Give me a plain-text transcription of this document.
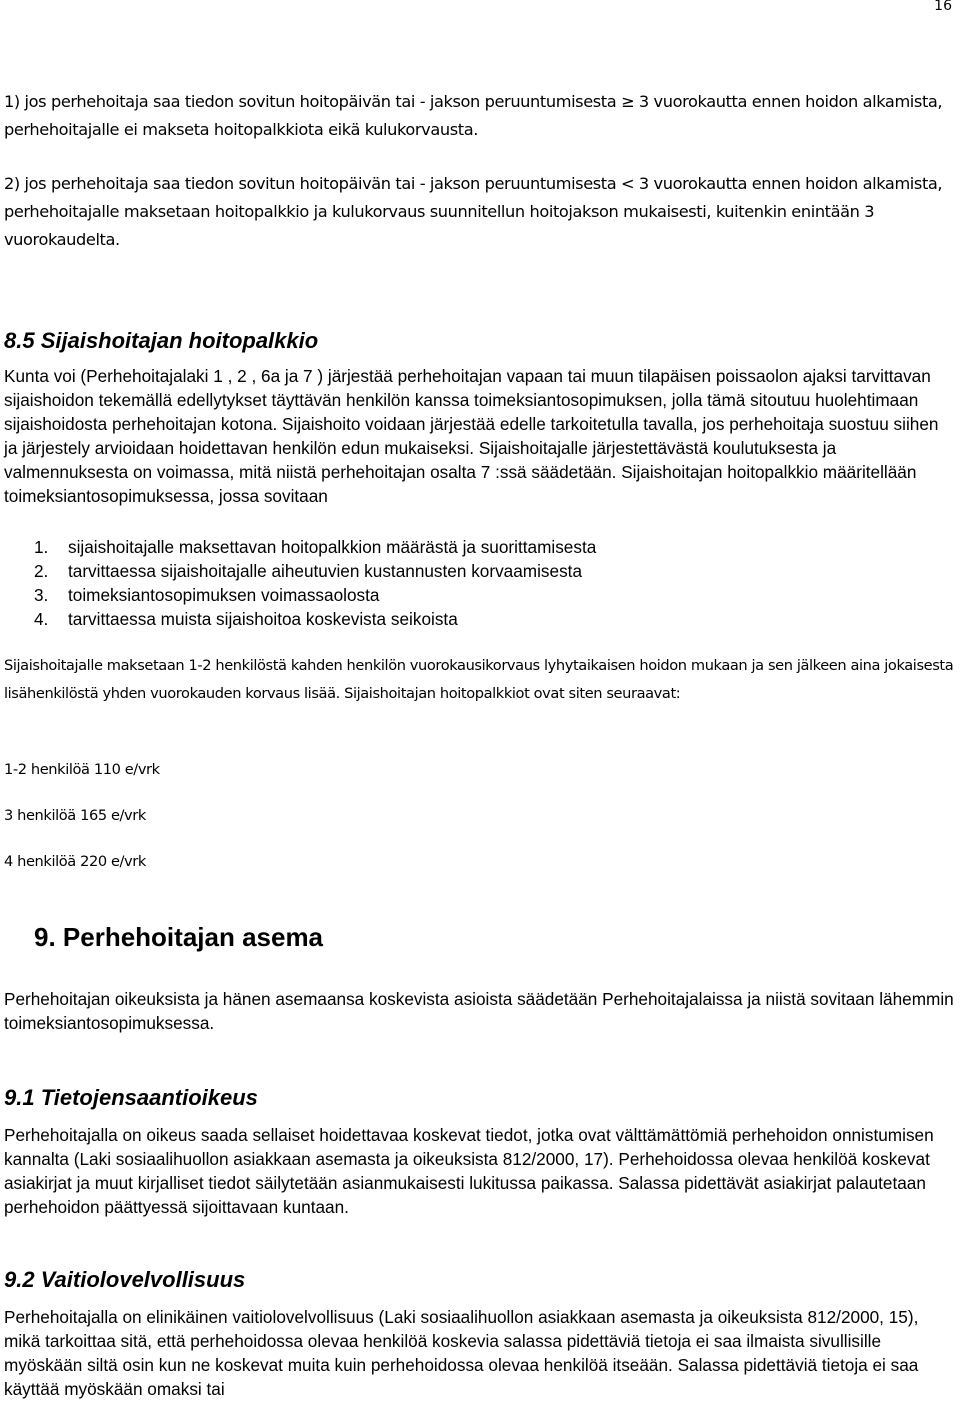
16
1) jos perhehoitaja saa tiedon sovitun hoitopäivän tai - jakson peruuntumisesta ≥ 3 vuorokautta ennen hoidon alkamista, perhehoitajalle ei makseta hoitopalkkiota eikä kulukorvausta.
2) jos perhehoitaja saa tiedon sovitun hoitopäivän tai - jakson peruuntumisesta < 3 vuorokautta ennen hoidon alkamista, perhehoitajalle maksetaan hoitopalkkio ja kulukorvaus suunnitellun hoitojakson mukaisesti, kuitenkin enintään 3 vuorokaudelta.
8.5 Sijaishoitajan hoitopalkkio
Kunta voi (Perhehoitajalaki 1 , 2 , 6a ja 7 ) järjestää perhehoitajan vapaan tai muun tilapäisen poissaolon ajaksi tarvittavan sijaishoidon tekemällä edellytykset täyttävän henkilön kanssa toimeksiantosopimuksen, jolla tämä sitoutuu huolehtimaan sijaishoidosta perhehoitajan kotona. Sijaishoito voidaan järjestää edelle tarkoitetulla tavalla, jos perhehoitaja suostuu siihen ja järjestely arvioidaan hoidettavan henkilön edun mukaiseksi. Sijaishoitajalle järjestettävästä koulutuksesta ja valmennuksesta on voimassa, mitä niistä perhehoitajan osalta 7 :ssä säädetään. Sijaishoitajan hoitopalkkio määritellään toimeksiantosopimuksessa, jossa sovitaan
1. sijaishoitajalle maksettavan hoitopalkkion määrästä ja suorittamisesta
2. tarvittaessa sijaishoitajalle aiheutuvien kustannusten korvaamisesta
3. toimeksiantosopimuksen voimassaolosta
4. tarvittaessa muista sijaishoitoa koskevista seikoista
Sijaishoitajalle maksetaan 1-2 henkilöstä kahden henkilön vuorokausikorvaus lyhytaikaisen hoidon mukaan ja sen jälkeen aina jokaisesta lisähenkilöstä yhden vuorokauden korvaus lisää. Sijaishoitajan hoitopalkkiot ovat siten seuraavat:
1-2 henkilöä 110 e/vrk
3 henkilöä 165 e/vrk
4 henkilöä 220 e/vrk
9. Perhehoitajan asema
Perhehoitajan oikeuksista ja hänen asemaansa koskevista asioista säädetään Perhehoitajalaissa ja niistä sovitaan lähemmin toimeksiantosopimuksessa.
9.1 Tietojensaantioikeus
Perhehoitajalla on oikeus saada sellaiset hoidettavaa koskevat tiedot, jotka ovat välttämättömiä perhehoidon onnistumisen kannalta (Laki sosiaalihuollon asiakkaan asemasta ja oikeuksista 812/2000, 17). Perhehoidossa olevaa henkilöä koskevat asiakirjat ja muut kirjalliset tiedot säilytetään asianmukaisesti lukitussa paikassa. Salassa pidettävät asiakirjat palautetaan perhehoidon päättyessä sijoittavaan kuntaan.
9.2 Vaitiolovelvollisuus
Perhehoitajalla on elinikäinen vaitiolovelvollisuus (Laki sosiaalihuollon asiakkaan asemasta ja oikeuksista 812/2000, 15), mikä tarkoittaa sitä, että perhehoidossa olevaa henkilöä koskevia salassa pidettäviä tietoja ei saa ilmaista sivullisille myöskään siltä osin kun ne koskevat muita kuin perhehoidossa olevaa henkilöä itseään. Salassa pidettäviä tietoja ei saa käyttää myöskään omaksi tai
